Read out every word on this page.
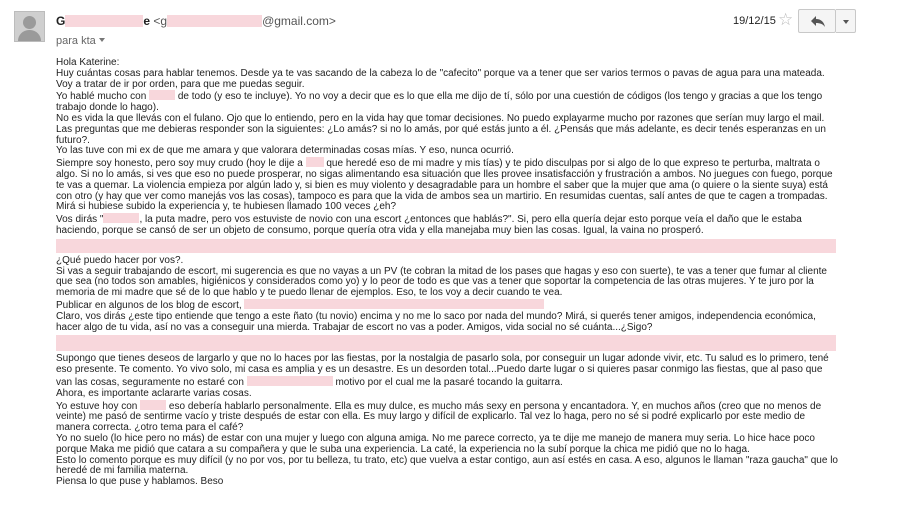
G	e <g	@gmail.com>
para kta
19/12/15 ☆

Hola Katerine:

Huy cuántas cosas para hablar tenemos. Desde ya te vas sacando de la cabeza lo de "cafecito" porque va a tener que ser varios termos o pavas de agua para una mateada.

Voy a tratar de ir por orden, para que me puedas seguir.

Yo hablé mucho con	de todo (y eso te incluye). Yo no voy a decir que es lo que ella me dijo de tí, sólo por una cuestión de códigos (los tengo y gracias a que los tengo trabajo donde lo hago).

No es vida la que llevás con el fulano. Ojo que lo entiendo, pero en la vida hay que tomar decisiones. No puedo explayarme mucho por razones que serían muy largo el mail. Las preguntas que me debieras responder son la siguientes: ¿Lo amás? si no lo amás, por qué estás junto a él. ¿Pensás que más adelante, es decir tenés esperanzas en un futuro?.

Yo las tuve con mi ex de que me amara y que valorara determinadas cosas mías. Y eso, nunca ocurrió.

Siempre soy honesto, pero soy muy crudo (hoy le dije a que heredé eso de mi madre y mis tías) y te pido disculpas por si algo de lo que expreso te perturba, maltrata o algo. Si no lo amás, si ves que eso no puede prosperar, no sigas alimentando esa situación que lles provee insatisfacción y frustración a ambos. No juegues con fuego, porque te vas a quemar. La violencia empieza por algún lado y, si bien es muy violento y desagradable para un hombre el saber que la mujer que ama (o quiere o la siente suya) está con otro (y hay que ver como manejás vos las cosas), tampoco es para que la vida de ambos sea un martirio. En resumidas cuentas, salí antes de que te cagen a trompadas. Mirá si hubiese subido la experiencia y, te hubiesen llamado 100 veces ¿eh?

Vos dirás "	, la puta madre, pero vos estuviste de novio con una escort ¿entonces que hablás?". Si, pero ella quería dejar esto porque veía el daño que le estaba haciendo, porque se cansó de ser un objeto de consumo, porque quería otra vida y ella manejaba muy bien las cosas. Igual, la vaina no prosperó.

¿Qué puedo hacer por vos?.

Si vas a seguir trabajando de escort, mi sugerencia es que no vayas a un PV (te cobran la mitad de los pases que hagas y eso con suerte), te vas a tener que fumar al cliente que sea (no todos son amables, higiénicos y considerados como yo) y lo peor de todo es que vas a tener que soportar la competencia de las otras mujeres. Y te juro por la memoria de mi madre que sé de lo que hablo y te puedo llenar de ejemplos. Eso, te los voy a decir cuando te vea.

Publicar en algunos de los blog de escort,

Claro, vos dirás ¿este tipo entiende que tengo a este ñato (tu novio) encima y no me lo saco por nada del mundo? Mirá, si querés tener amigos, independencia económica, hacer algo de tu vida, así no vas a conseguir una mierda. Trabajar de escort no vas a poder. Amigos, vida social no sé cuánta...¿Sigo?

Supongo que tienes deseos de largarlo y que no lo haces por las fiestas, por la nostalgia de pasarlo sola, por conseguir un lugar adonde vivir, etc. Tu salud es lo primero, tené eso presente. Te comento. Yo vivo solo, mi casa es amplia y es un desastre. Es un desorden total...Puedo darte lugar o si quieres pasar conmigo las fiestas, que al paso que van las cosas, seguramente no estaré con	motivo por el cual me la pasaré tocando la guitarra.

Ahora, es importante aclararte varias cosas.

Yo estuve hoy con	eso debería hablarlo personalmente. Ella es muy dulce, es mucho más sexy en persona y encantadora. Y, en muchos años (creo que no menos de veinte) me pasó de sentirme vacío y triste después de estar con ella. Es muy largo y difícil de explicarlo. Tal vez lo haga, pero no sé si podré explicarlo por este medio de manera correcta. ¿otro tema para el café?

Yo no suelo (lo hice pero no más) de estar con una mujer y luego con alguna amiga. No me parece correcto, ya te dije me manejo de manera muy seria. Lo hice hace poco porque Maka me pidió que catara a su compañera y que le suba una experiencia. La caté, la experiencia no la subí porque la chica me pidió que no lo haga.

Esto lo comento porque es muy difícil (y no por vos, por tu belleza, tu trato, etc) que vuelva a estar contigo, aun así estés en casa. A eso, algunos le llaman "raza gaucha" que lo heredé de mi familia materna.

Piensa lo que puse y hablamos. Beso
